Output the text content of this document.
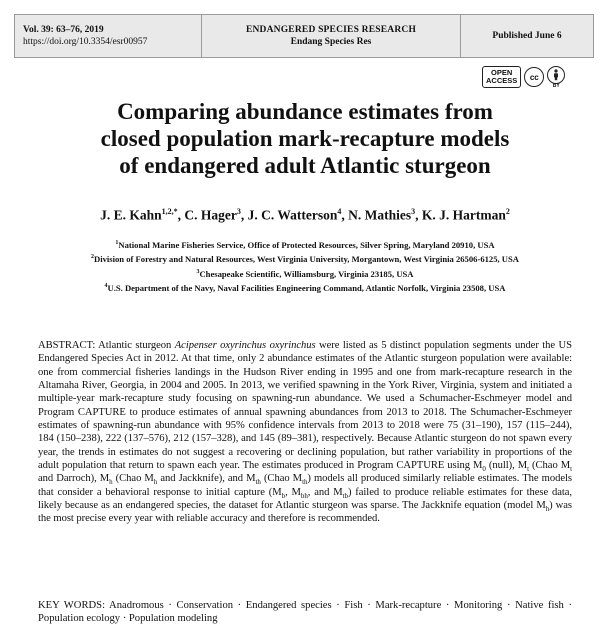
Vol. 39: 63–76, 2019
https://doi.org/10.3354/esr00957
ENDANGERED SPECIES RESEARCH
Endang Species Res
Published June 6
OPEN
ACCESS cc
BY
Comparing abundance estimates from
closed population mark-recapture models
of endangered adult Atlantic sturgeon
J. E. Kahn$^{1,2,*}$, C. Hager$^3$, J. C. Watterson$^4$, N. Mathies$^3$, K. J. Hartman$^2$
$^1$National Marine Fisheries Service, Office of Protected Resources, Silver Spring, Maryland 20910, USA
$^2$Division of Forestry and Natural Resources, West Virginia University, Morgantown, West Virginia 26506-6125, USA
$^3$Chesapeake Scientific, Williamsburg, Virginia 23185, USA
$^4$U.S. Department of the Navy, Naval Facilities Engineering Command, Atlantic Norfolk, Virginia 23508, USA
ABSTRACT: Atlantic sturgeon Acipenser oxyrinchus oxyrinchus were listed as 5 distinct population segments under the US Endangered Species Act in 2012. At that time, only 2 abundance estimates of the Atlantic sturgeon population were available: one from commercial fisheries landings in the Hudson River ending in 1995 and one from mark-recapture research in the Altamaha River, Georgia, in 2004 and 2005. In 2013, we verified spawning in the York River, Virginia, system and initiated a multiple-year mark-recapture study focusing on spawning-run abundance. We used a Schumacher-Eschmeyer model and Program CAPTURE to produce estimates of annual spawning abundances from 2013 to 2018. The Schumacher-Eschmeyer estimates of spawning-run abundance with 95% confidence intervals from 2013 to 2018 were 75 (31–190), 157 (115–244), 184 (150–238), 222 (137–576), 212 (157–328), and 145 (89–381), respectively. Because Atlantic sturgeon do not spawn every year, the trends in estimates do not suggest a recovering or declining population, but rather variability in proportions of the adult population that return to spawn each year. The estimates produced in Program CAPTURE using $M_0$ (null), $M_t$ (Chao $M_t$ and Darroch), $M_h$ (Chao $M_h$ and Jackknife), and $M_{th}$ (Chao $M_{th}$) models all produced similarly reliable estimates. The models that consider a behavioral response to initial capture ($M_b$, $M_{bh}$, and $M_{tb}$) failed to produce reliable estimates for these data, likely because as an endangered species, the dataset for Atlantic sturgeon was sparse. The Jackknife equation (model $M_h$) was the most precise every year with reliable accuracy and therefore is recommended.
KEY WORDS: Anadromous · Conservation · Endangered species · Fish · Mark-recapture · Monitoring · Native fish · Population ecology · Population modeling
